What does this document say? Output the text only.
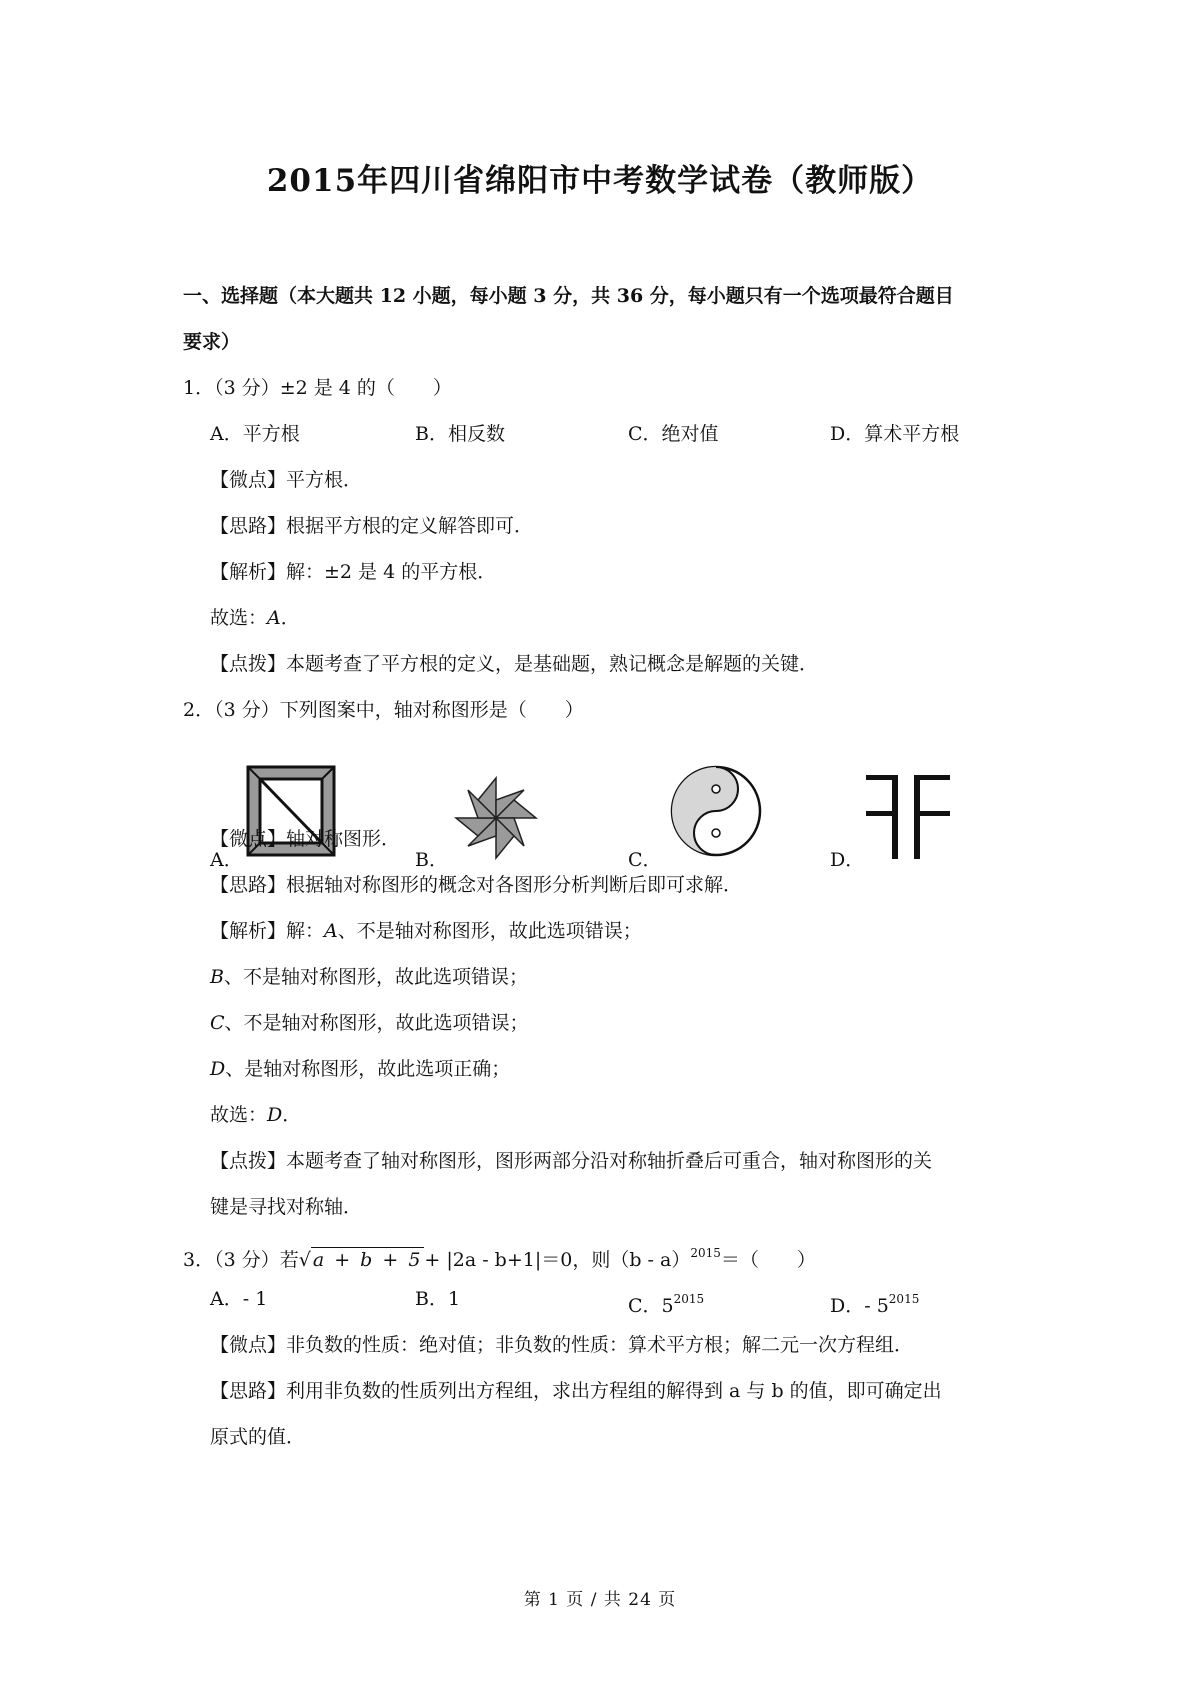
2015年四川省绵阳市中考数学试卷（教师版）
一、选择题（本大题共 12 小题，每小题 3 分，共 36 分，每小题只有一个选项最符合题目
要求）
1．（3 分）±2 是 4 的（　　）
A．平方根	B．相反数	C．绝对值	D．算术平方根
【微点】平方根．
【思路】根据平方根的定义解答即可．
【解析】解：±2 是 4 的平方根．
故选：A．
【点拨】本题考查了平方根的定义，是基础题，熟记概念是解题的关键．
2．（3 分）下列图案中，轴对称图形是（　　）
A．	B．	C．	D．
【微点】轴对称图形．
【思路】根据轴对称图形的概念对各图形分析判断后即可求解．
【解析】解：A、不是轴对称图形，故此选项错误；
B、不是轴对称图形，故此选项错误；
C、不是轴对称图形，故此选项错误；
D、是轴对称图形，故此选项正确；
故选：D．
【点拨】本题考查了轴对称图形，图形两部分沿对称轴折叠后可重合，轴对称图形的关
键是寻找对称轴．
3．（3 分）若√ a + b + 5 + |2a - b+1|＝0，则（b - a）$^{2015}$＝（　　）
A．- 1	B．1	C．$5^{2015}$	D．- $5^{2015}$
【微点】非负数的性质：绝对值；非负数的性质：算术平方根；解二元一次方程组．
【思路】利用非负数的性质列出方程组，求出方程组的解得到 a 与 b 的值，即可确定出
原式的值．
第 1 页 / 共 24 页
